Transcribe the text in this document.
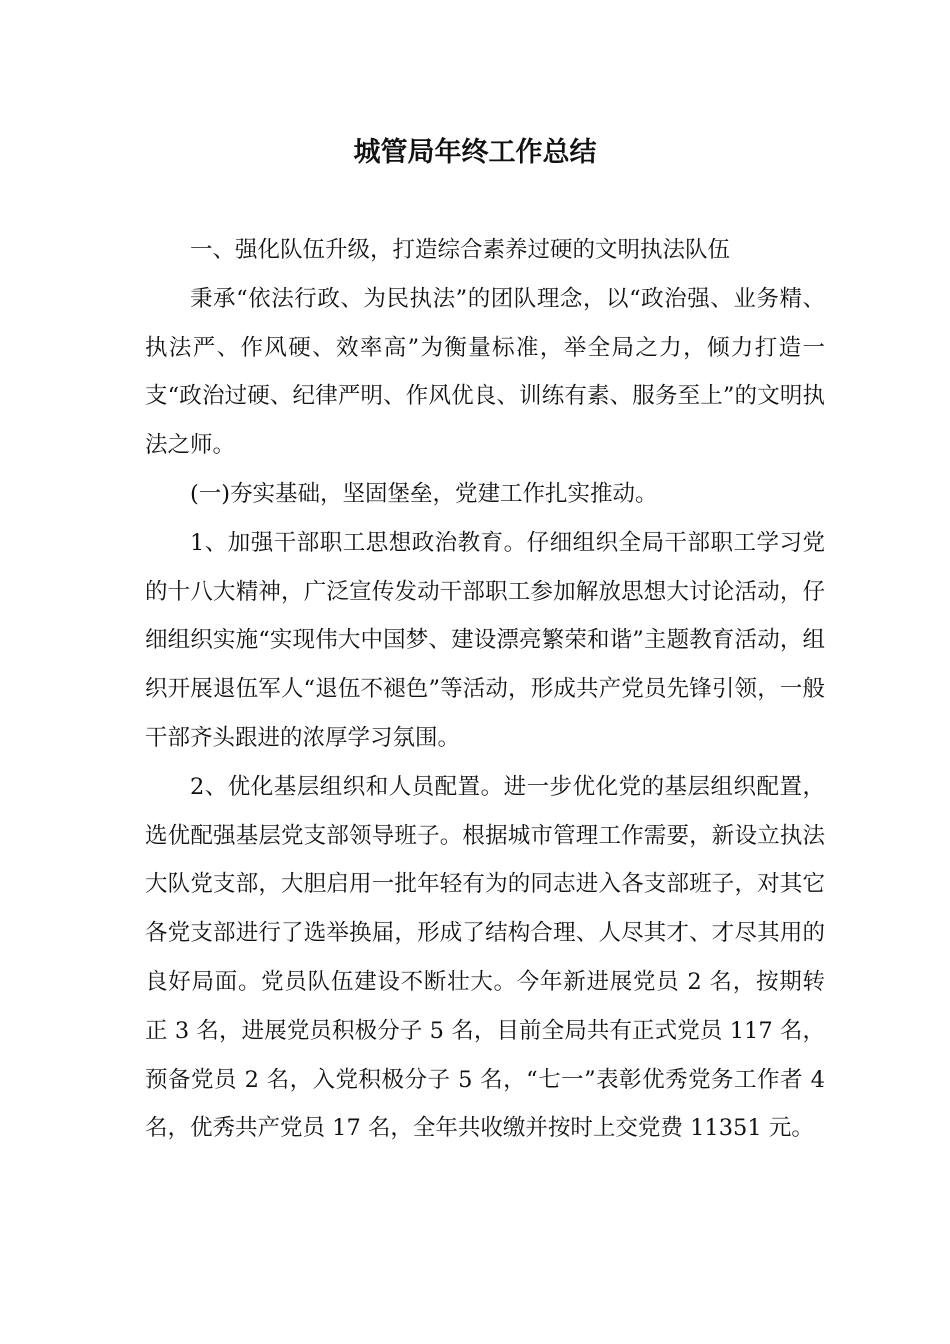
城管局年终工作总结

一、强化队伍升级，打造综合素养过硬的文明执法队伍

秉承“依法行政、为民执法”的团队理念，以“政治强、业务精、执法严、作风硬、效率高”为衡量标准，举全局之力，倾力打造一支“政治过硬、纪律严明、作风优良、训练有素、服务至上”的文明执法之师。

(一)夯实基础，坚固堡垒，党建工作扎实推动。

1、加强干部职工思想政治教育。仔细组织全局干部职工学习党的十八大精神，广泛宣传发动干部职工参加解放思想大讨论活动，仔细组织实施“实现伟大中国梦、建设漂亮繁荣和谐”主题教育活动，组织开展退伍军人“退伍不褪色”等活动，形成共产党员先锋引领，一般干部齐头跟进的浓厚学习氛围。

2、优化基层组织和人员配置。进一步优化党的基层组织配置，选优配强基层党支部领导班子。根据城市管理工作需要，新设立执法大队党支部，大胆启用一批年轻有为的同志进入各支部班子，对其它各党支部进行了选举换届，形成了结构合理、人尽其才、才尽其用的良好局面。党员队伍建设不断壮大。今年新进展党员 2 名，按期转正 3 名，进展党员积极分子 5 名，目前全局共有正式党员 117 名，预备党员 2 名，入党积极分子 5 名，“七一”表彰优秀党务工作者 4 名，优秀共产党员 17 名，全年共收缴并按时上交党费 11351 元。
